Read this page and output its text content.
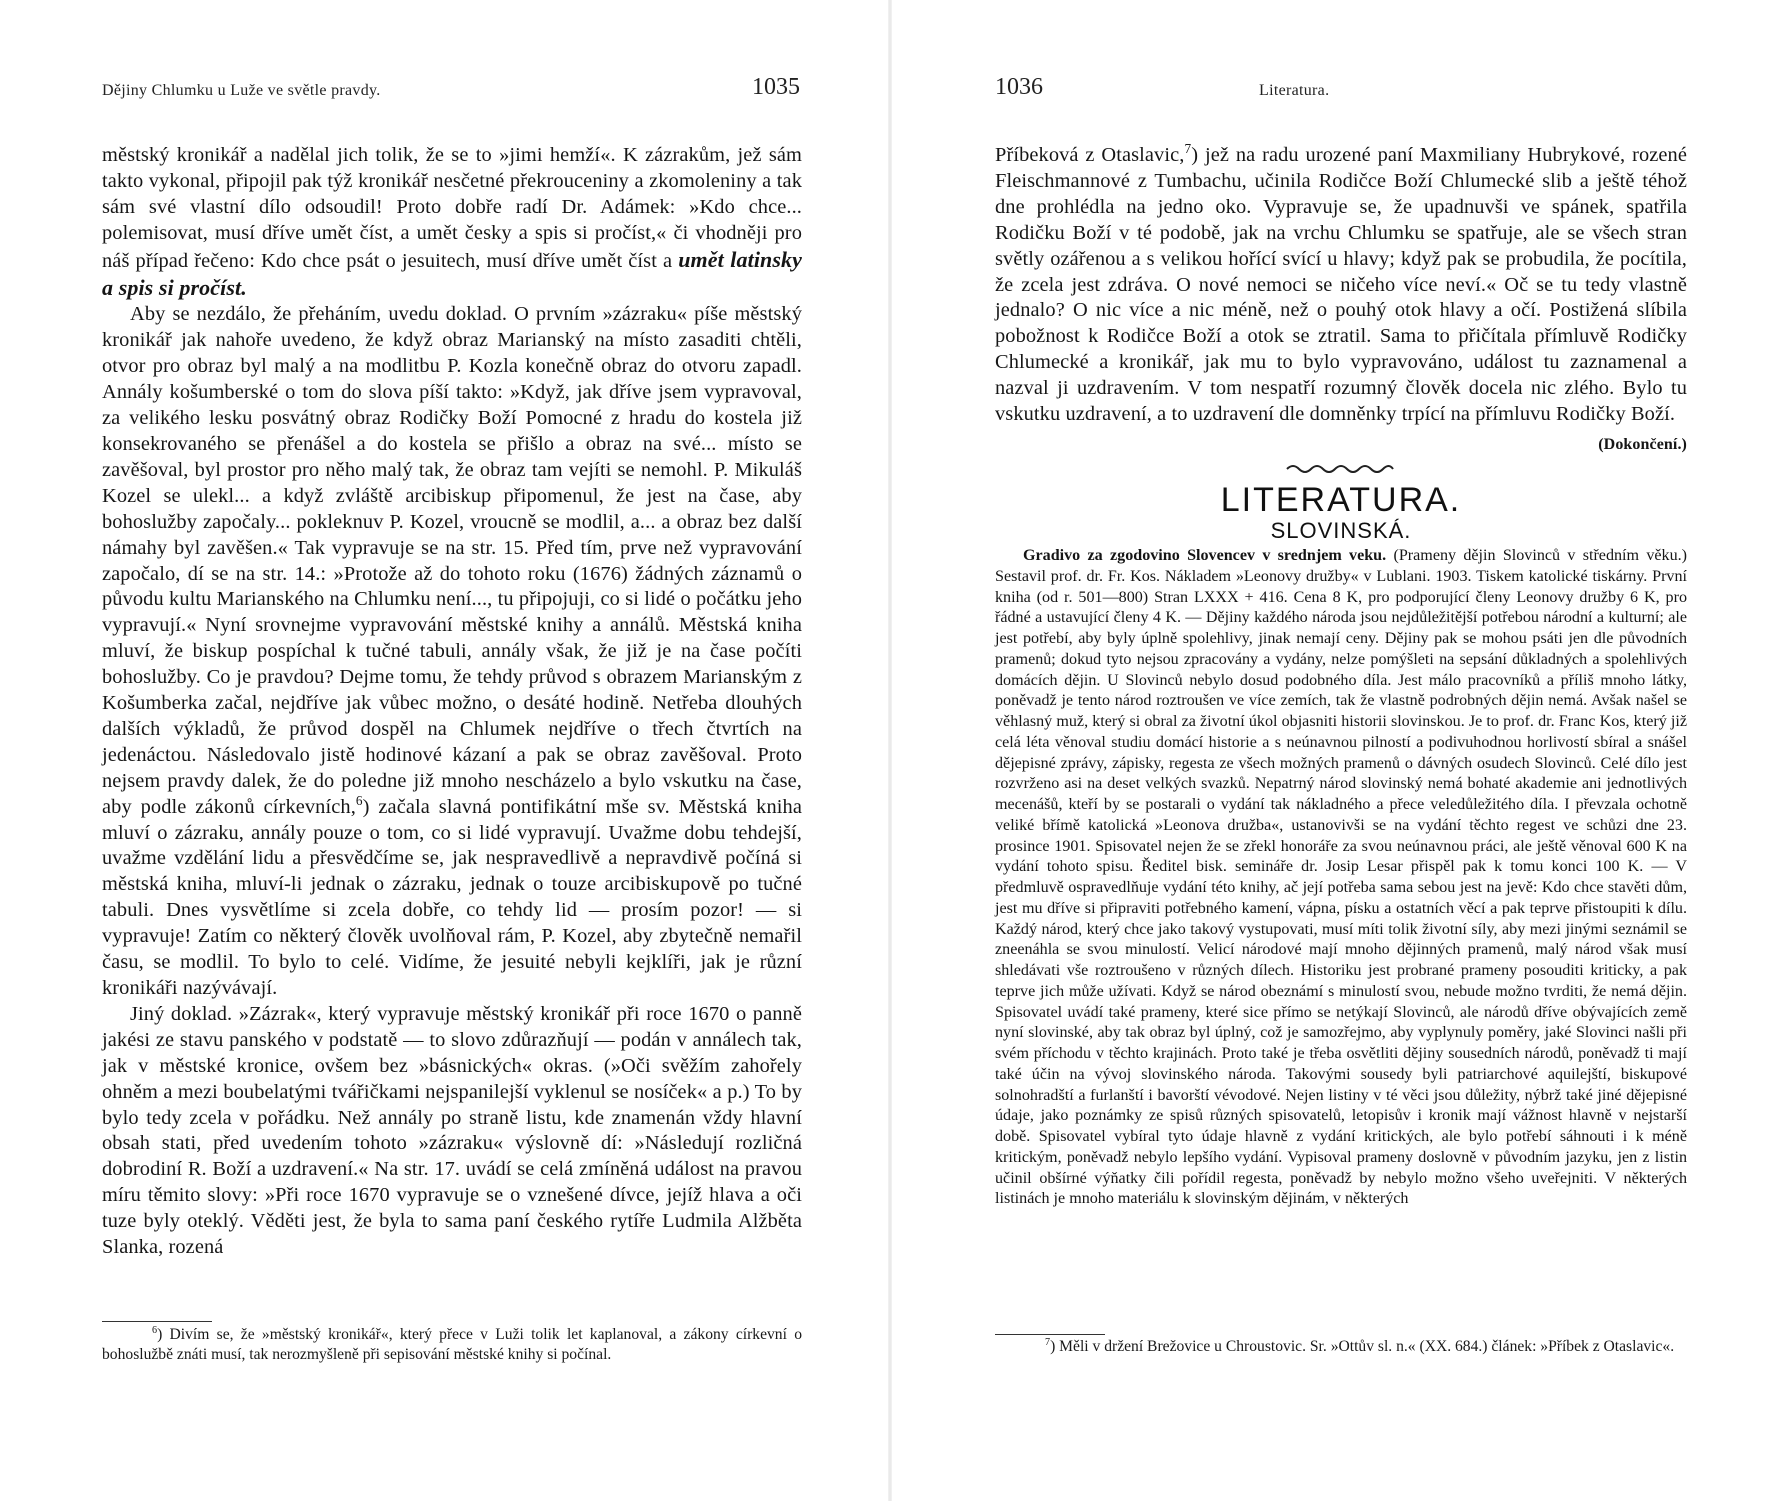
Dějiny Chlumku u Luže ve světle pravdy.	1035

městský kronikář a nadělal jich tolik, že se to »jimi hemží«. K zázrakům, jež sám takto vykonal, připojil pak týž kronikář nesčetné překrouceniny a zkomoleniny a tak sám své vlastní dílo odsoudil! Proto dobře radí Dr. Adámek: »Kdo chce... polemisovat, musí dříve umět číst, a umět česky a spis si pročíst,« či vhodněji pro náš případ řečeno: Kdo chce psát o jesuitech, musí dříve umět číst a umět latinsky a spis si pročíst.

Aby se nezdálo, že přeháním, uvedu doklad. O prvním »zázraku« píše městský kronikář jak nahoře uvedeno, že když obraz Marianský na místo zasaditi chtěli, otvor pro obraz byl malý a na modlitbu P. Kozla konečně obraz do otvoru zapadl. Annály košumberské o tom do slova píší takto: »Když, jak dříve jsem vypravoval, za velikého lesku posvátný obraz Rodičky Boží Pomocné z hradu do kostela již konsekrovaného se přenášel a do kostela se přišlo a obraz na své... místo se zavěšoval, byl prostor pro něho malý tak, že obraz tam vejíti se nemohl. P. Mikuláš Kozel se ulekl... a když zvláště arcibiskup připomenul, že jest na čase, aby bohoslužby započaly... pokleknuv P. Kozel, vroucně se modlil, a... a obraz bez další námahy byl zavěšen.« Tak vypravuje se na str. 15. Před tím, prve než vypravování započalo, dí se na str. 14.: »Protože až do tohoto roku (1676) žádných záznamů o původu kultu Marianského na Chlumku není..., tu připojuji, co si lidé o počátku jeho vypravují.« Nyní srovnejme vypravování městské knihy a annálů. Městská kniha mluví, že biskup pospíchal k tučné tabuli, annály však, že již je na čase počíti bohoslužby. Co je pravdou? Dejme tomu, že tehdy průvod s obrazem Marianským z Košumberka začal, nejdříve jak vůbec možno, o desáté hodině. Netřeba dlouhých dalších výkladů, že průvod dospěl na Chlumek nejdříve o třech čtvrtích na jedenáctou. Následovalo jistě hodinové kázaní a pak se obraz zavěšoval. Proto nejsem pravdy dalek, že do poledne již mnoho nescházelo a bylo vskutku na čase, aby podle zákonů církevních,$^6$) začala slavná pontifikátní mše sv. Městská kniha mluví o zázraku, annály pouze o tom, co si lidé vypravují. Uvažme dobu tehdejší, uvažme vzdělání lidu a přesvědčíme se, jak nespravedlivě a nepravdivě počíná si městská kniha, mluví-li jednak o zázraku, jednak o touze arcibiskupově po tučné tabuli. Dnes vysvětlíme si zcela dobře, co tehdy lid — prosím pozor! — si vypravuje! Zatím co některý člověk uvolňoval rám, P. Kozel, aby zbytečně nemařil času, se modlil. To bylo to celé. Vidíme, že jesuité nebyli kejklíři, jak je různí kronikáři nazývávají.

Jiný doklad. »Zázrak«, který vypravuje městský kronikář při roce 1670 o panně jakési ze stavu panského v podstatě — to slovo zdůrazňují — podán v annálech tak, jak v městské kronice, ovšem bez »básnických« okras. (»Oči svěžím zahořely ohněm a mezi boubelatými tvářičkami nejspanilejší vyklenul se nosíček« a p.) To by bylo tedy zcela v pořádku. Než annály po straně listu, kde znamenán vždy hlavní obsah stati, před uvedením tohoto »zázraku« výslovně dí: »Následují rozličná dobrodiní R. Boží a uzdravení.« Na str. 17. uvádí se celá zmíněná událost na pravou míru těmito slovy: »Při roce 1670 vypravuje se o vznešené dívce, jejíž hlava a oči tuze byly oteklý. Věděti jest, že byla to sama paní českého rytíře Ludmila Alžběta Slanka, rozená

$^6$) Divím se, že »městský kronikář«, který přece v Luži tolik let kaplanoval, a zákony církevní o bohoslužbě znáti musí, tak nerozmyšleně při sepisování městské knihy si počínal.

1036	Literatura.

Příbeková z Otaslavic,$^7$) jež na radu urozené paní Maxmiliany Hubrykové, rozené Fleischmannové z Tumbachu, učinila Rodičce Boží Chlumecké slib a ještě téhož dne prohlédla na jedno oko. Vypravuje se, že upadnuvši ve spánek, spatřila Rodičku Boží v té podobě, jak na vrchu Chlumku se spatřuje, ale se všech stran světly ozářenou a s velikou hořící svící u hlavy; když pak se probudila, že pocítila, že zcela jest zdráva. O nové nemoci se ničeho více neví.« Oč se tu tedy vlastně jednalo? O nic více a nic méně, než o pouhý otok hlavy a očí. Postižená slíbila pobožnost k Rodičce Boží a otok se ztratil. Sama to přičítala přímluvě Rodičky Chlumecké a kronikář, jak mu to bylo vypravováno, událost tu zaznamenal a nazval ji uzdravením. V tom nespatří rozumný člověk docela nic zlého. Bylo tu vskutku uzdravení, a to uzdravení dle domněnky trpící na přímluvu Rodičky Boží.
(Dokončení.)

LITERATURA.
SLOVINSKÁ.

Gradivo za zgodovino Slovencev v srednjem veku. (Prameny dějin Slovinců v středním věku.) Sestavil prof. dr. Fr. Kos. Nákladem »Leonovy družby« v Lublani. 1903. Tiskem katolické tiskárny. První kniha (od r. 501—800) Stran LXXX + 416. Cena 8 K, pro podporující členy Leonovy družby 6 K, pro řádné a ustavující členy 4 K. — Dějiny každého národa jsou nejdůležitější potřebou národní a kulturní; ale jest potřebí, aby byly úplně spolehlivy, jinak nemají ceny. Dějiny pak se mohou psáti jen dle původních pramenů; dokud tyto nejsou zpracovány a vydány, nelze pomýšleti na sepsání důkladných a spolehlivých domácích dějin. U Slovinců nebylo dosud podobného díla. Jest málo pracovníků a příliš mnoho látky, poněvadž je tento národ roztroušen ve více zemích, tak že vlastně podrobných dějin nemá. Avšak našel se věhlasný muž, který si obral za životní úkol objasniti historii slovinskou. Je to prof. dr. Franc Kos, který již celá léta věnoval studiu domácí historie a s neúnavnou pilností a podivuhodnou horlivostí sbíral a snášel dějepisné zprávy, zápisky, regesta ze všech možných pramenů o dávných osudech Slovinců. Celé dílo jest rozvrženo asi na deset velkých svazků. Nepatrný národ slovinský nemá bohaté akademie ani jednotlivých mecenášů, kteří by se postarali o vydání tak nákladného a přece veledůležitého díla. I převzala ochotně veliké břímě katolická »Leonova družba«, ustanovivši se na vydání těchto regest ve schůzi dne 23. prosince 1901. Spisovatel nejen že se zřekl honoráře za svou neúnavnou práci, ale ještě věnoval 600 K na vydání tohoto spisu. Ředitel bisk. semináře dr. Josip Lesar přispěl pak k tomu konci 100 K. — V předmluvě ospravedlňuje vydání této knihy, ač její potřeba sama sebou jest na jevě: Kdo chce stavěti dům, jest mu dříve si připraviti potřebného kamení, vápna, písku a ostatních věcí a pak teprve přistoupiti k dílu. Každý národ, který chce jako takový vystupovati, musí míti tolik životní síly, aby mezi jinými seznámil se zneenáhla se svou minulostí. Velicí národové mají mnoho dějinných pramenů, malý národ však musí shledávati vše roztroušeno v různých dílech. Historiku jest probrané prameny posouditi kriticky, a pak teprve jich může užívati. Když se národ obeznámí s minulostí svou, nebude možno tvrditi, že nemá dějin. Spisovatel uvádí také prameny, které sice přímo se netýkají Slovinců, ale národů dříve obývajících země nyní slovinské, aby tak obraz byl úplný, což je samozřejmo, aby vyplynuly poměry, jaké Slovinci našli při svém příchodu v těchto krajinách. Proto také je třeba osvětliti dějiny sousedních národů, poněvadž ti mají také účin na vývoj slovinského národa. Takovými sousedy byli patriarchové aquilejští, biskupové solnohradští a furlanští i bavorští vévodové. Nejen listiny v té věci jsou důležity, nýbrž také jiné dějepisné údaje, jako poznámky ze spisů různých spisovatelů, letopisův i kronik mají vážnost hlavně v nejstarší době. Spisovatel vybíral tyto údaje hlavně z vydání kritických, ale bylo potřebí sáhnouti i k méně kritickým, poněvadž nebylo lepšího vydání. Vypisoval prameny doslovně v původním jazyku, jen z listin učinil obšírné výňatky čili pořídil regesta, poněvadž by nebylo možno všeho uveřejniti. V některých listinách je mnoho materiálu k slovinským dějinám, v některých

$^7$) Měli v držení Brežovice u Chroustovic. Sr. »Ottův sl. n.« (XX. 684.) článek: »Příbek z Otaslavic«.
